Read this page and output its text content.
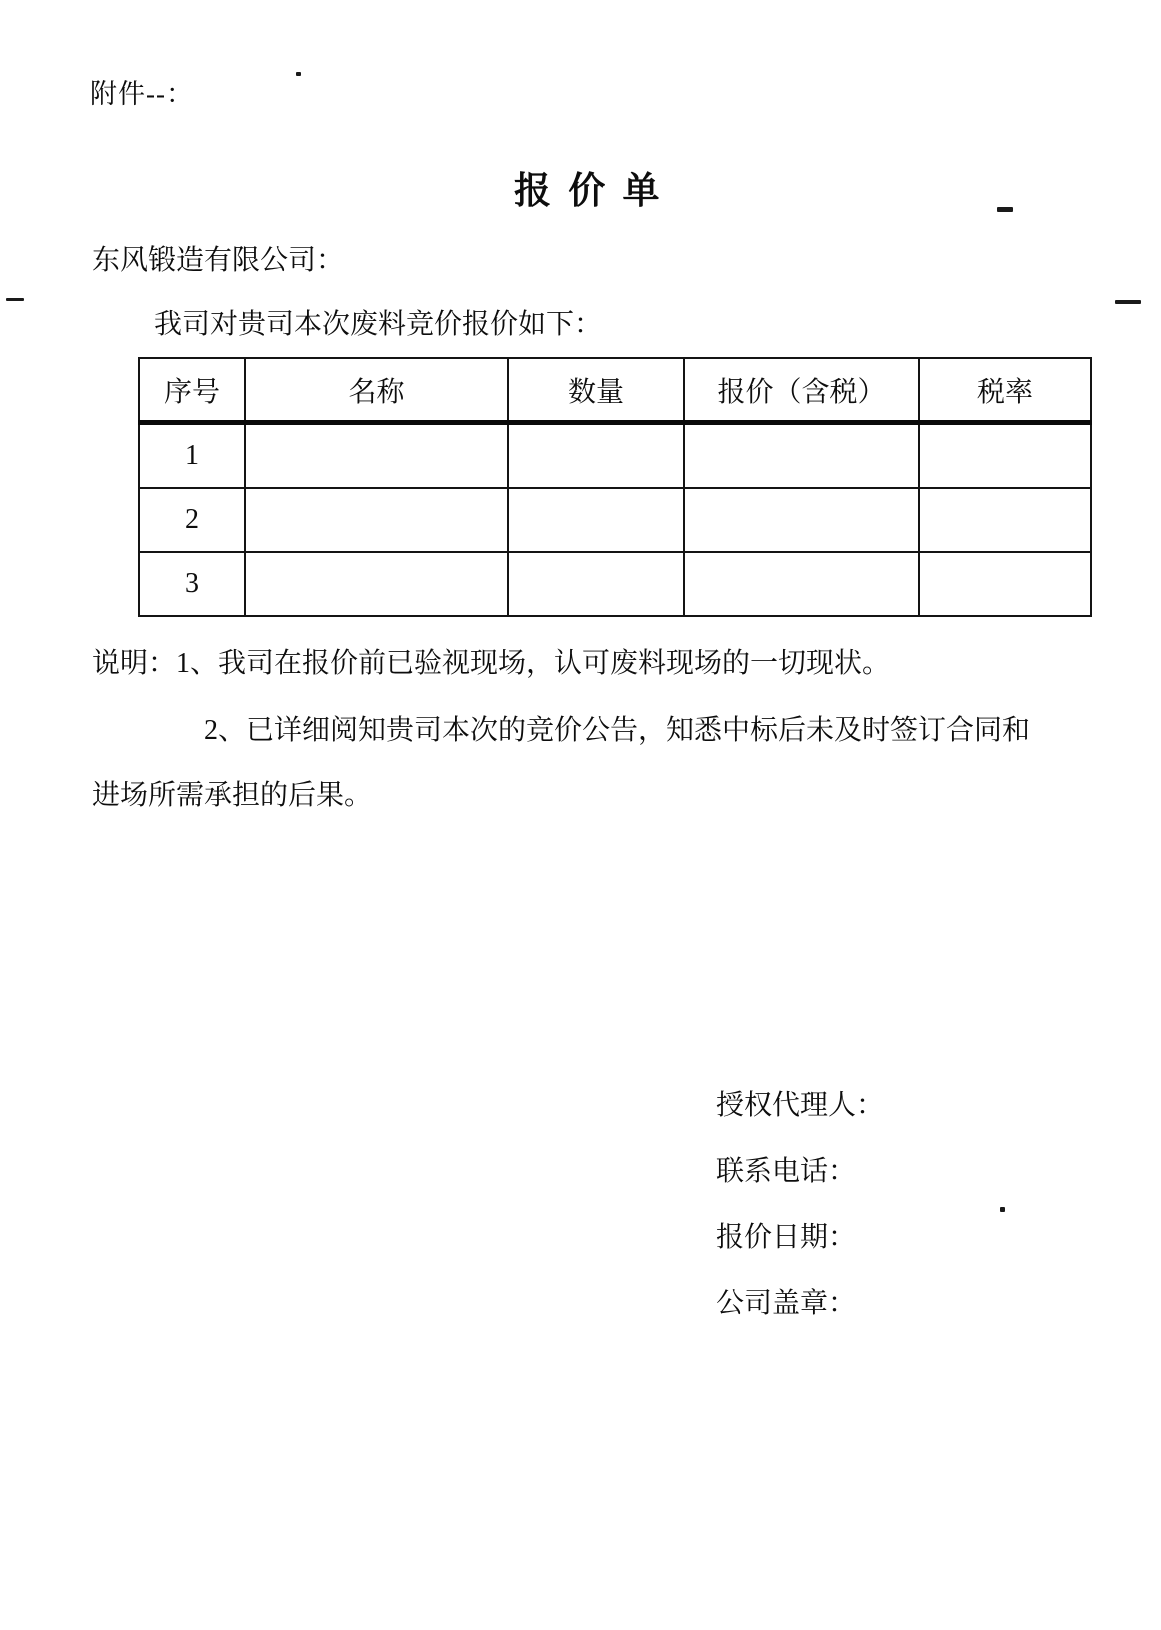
附件--：
报 价 单
东风锻造有限公司：
我司对贵司本次废料竞价报价如下：
序号	名称	数量	报价（含税）	税率
1				
2				
3				
说明：1、我司在报价前已验视现场，认可废料现场的一切现状。
2、已详细阅知贵司本次的竞价公告，知悉中标后未及时签订合同和
进场所需承担的后果。
授权代理人：
联系电话：
报价日期：
公司盖章：
